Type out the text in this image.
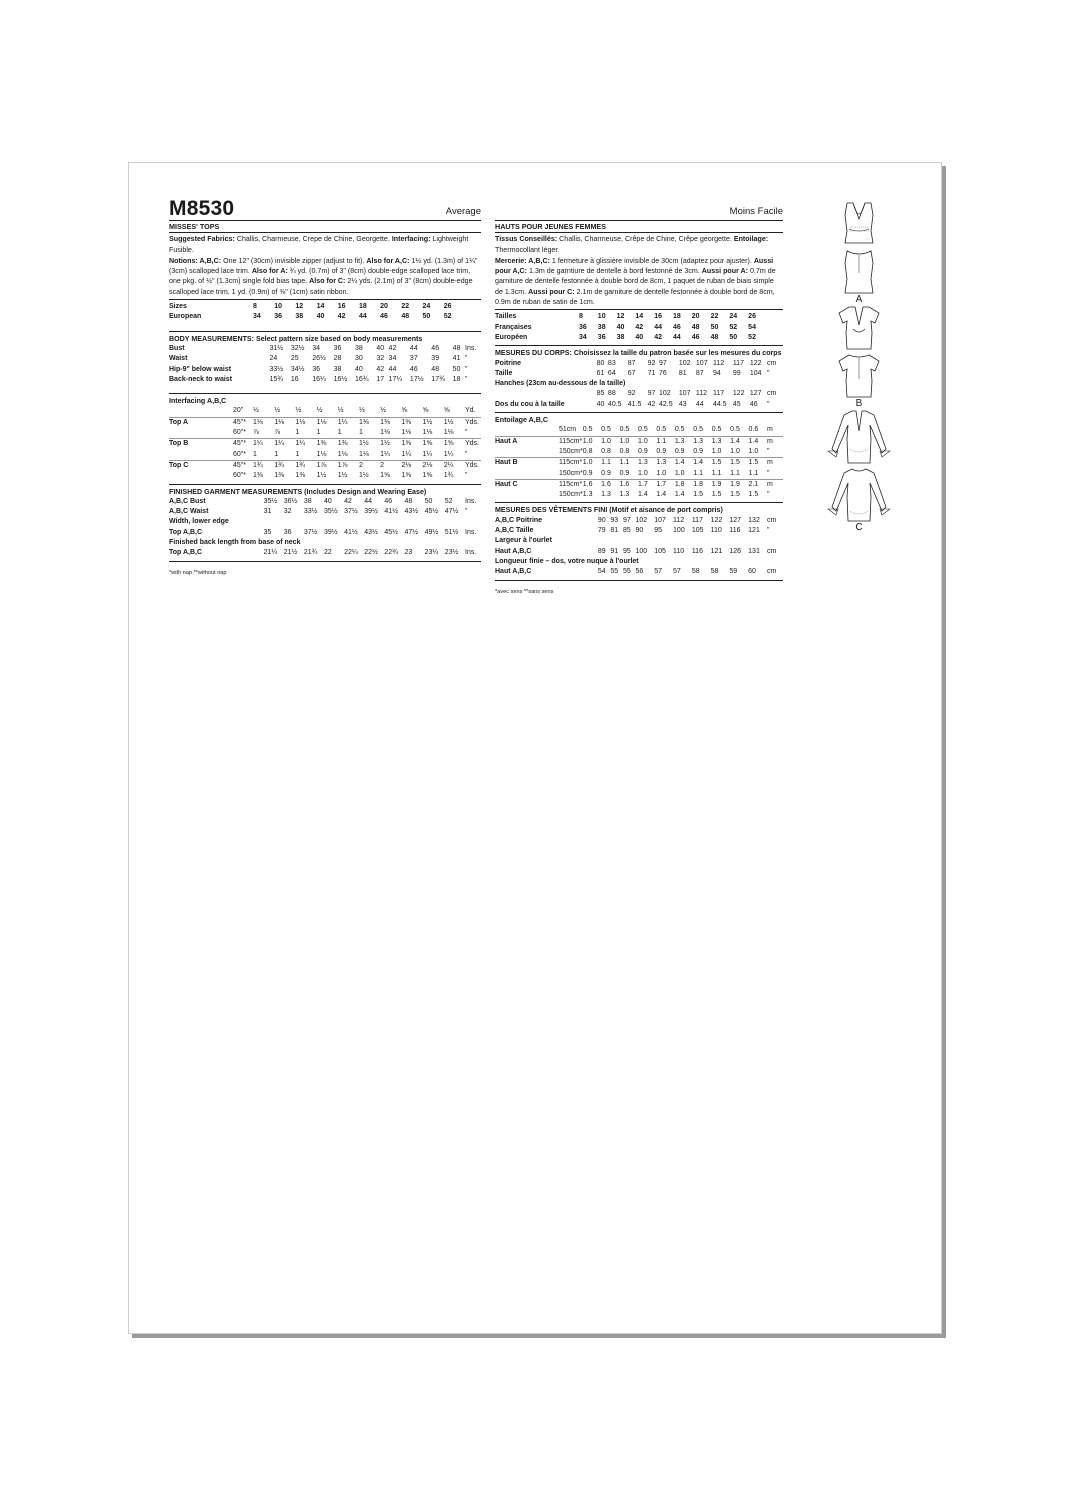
M8530	Average
MISSES' TOPS
Suggested Fabrics: Challis, Charmeuse, Crepe de Chine, Georgette. Interfacing: Lightweight Fusible.
Notions: A,B,C: One 12" (30cm) invisible zipper (adjust to fit). Also for A,C: 1½ yd. (1.3m) of 1¼" (3cm) scalloped lace trim. Also for A: ¾ yd. (0.7m) of 3" (8cm) double-edge scalloped lace trim, one pkg. of ½" (1.3cm) single fold bias tape. Also for C: 2¼ yds. (2.1m) of 3" (8cm) double-edge scalloped lace trim, 1 yd. (0.9m) of ⅜" (1cm) satin ribbon.
Sizes		8	10	12	14	16	18	20	22	24	26	
European		34	36	38	40	42	44	46	48	50	52	
BODY MEASUREMENTS: Select pattern size based on body measurements
Bust	31½	32½	34	36	38	40	42	44	46	48	Ins.
Waist	24	25	26½	28	30	32	34	37	39	41	"
Hip-9" below waist	33½	34½	36	38	40	42	44	46	48	50	"
Back-neck to waist	15¾	16	16¼	16½	16¾	17	17¼	17½	17¾	18	"
Interfacing A,B,C
	20"	½	½	½	½	½	½	½	⅝	⅝	⅝	Yd.
Top A	45"*	1⅛	1⅛	1⅛	1⅛	1¼	1⅜	1⅜	1⅜	1½	1½	Yds.
	60"*	⅞	⅞	1	1	1	1	1⅛	1⅛	1⅛	1⅛	"
Top B	45"*	1¼	1¼	1¼	1⅜	1⅜	1½	1½	1⅝	1⅝	1⅝	Yds.
	60"*	1	1	1	1⅛	1⅛	1⅛	1¼	1¼	1¼	1¼	"
Top C	45"*	1¾	1¾	1¾	1⅞	1⅞	2	2	2⅛	2⅛	2¼	Yds.
	60"*	1⅜	1⅜	1⅜	1½	1½	1½	1⅝	1⅝	1⅝	1¾	"
FINISHED GARMENT MEASUREMENTS (Includes Design and Wearing Ease)
A,B,C Bust	35½	36½	38	40	42	44	46	48	50	52	Ins.
A,B,C Waist	31	32	33½	35½	37½	39½	41½	43½	45½	47½	"
Width, lower edge											
Top A,B,C	35	36	37½	39½	41½	43½	45½	47½	49½	51½	Ins.
Finished back length from base of neck											
Top A,B,C	21¼	21½	21¾	22	22¼	22½	22¾	23	23¼	23½	Ins.
*with nap **without nap
Moins Facile
HAUTS POUR JEUNES FEMMES
Tissus Conseillés: Challis, Charmeuse, Crêpe de Chine, Crêpe georgette. Entoilage: Thermocollant léger.
Mercerie: A,B,C: 1 fermeture à glissière invisible de 30cm (adaptez pour ajuster). Aussi pour A,C: 1.3m de garntiure de dentelle à bord festonné de 3cm. Aussi pour A: 0.7m de garniture de dentelle festonnée à double bord de 8cm, 1 paquet de ruban de biais simple de 1.3cm. Aussi pour C: 2.1m de garniture de dentelle festonnée à double bord de 8cm, 0.9m de ruban de satin de 1cm.
Tailles		8	10	12	14	16	18	20	22	24	26	
Françaises		36	38	40	42	44	46	48	50	52	54	
Européen		34	36	38	40	42	44	46	48	50	52	
MESURES DU CORPS: Choisissez la taille du patron basée sur les mesures du corps
Poitrine	80	83	87	92	97	102	107	112	117	122	cm
Taille	61	64	67	71	76	81	87	94	99	104	"
Hanches (23cm au-dessous de la taille)											
	85	88	92	97	102	107	112	117	122	127	cm
Dos du cou à la taille	40	40.5	41.5	42	42.5	43	44	44.5	45	46	"
Entoilage A,B,C
	51cm	0.5	0.5	0.5	0.5	0.5	0.5	0.5	0.5	0.5	0.6	m
Haut A	115cm*	1.0	1.0	1.0	1.0	1.1	1.3	1.3	1.3	1.4	1.4	m
	150cm*	0.8	0.8	0.8	0.9	0.9	0.9	0.9	1.0	1.0	1.0	"
Haut B	115cm*	1.0	1.1	1.1	1.3	1.3	1.4	1.4	1.5	1.5	1.5	m
	150cm*	0.9	0.9	0.9	1.0	1.0	1.0	1.1	1.1	1.1	1.1	"
Haut C	115cm*	1.6	1.6	1.6	1.7	1.7	1.8	1.8	1.9	1.9	2.1	m
	150cm*	1.3	1.3	1.3	1.4	1.4	1.4	1.5	1.5	1.5	1.5	"
MESURES DES VÊTEMENTS FINI (Motif et aisance de port compris)
A,B,C Poitrine	90	93	97	102	107	112	117	122	127	132	cm
A,B,C Taille	79	81	85	90	95	100	105	110	116	121	"
Largeur à l'ourlet											
Haut A,B,C	89	91	95	100	105	110	116	121	126	131	cm
Longueur finie – dos, votre nuque à l'ourlet											
Haut A,B,C	54	55	55	56	57	57	58	58	59	60	cm
*avec sens **sans sens
A
B
C
